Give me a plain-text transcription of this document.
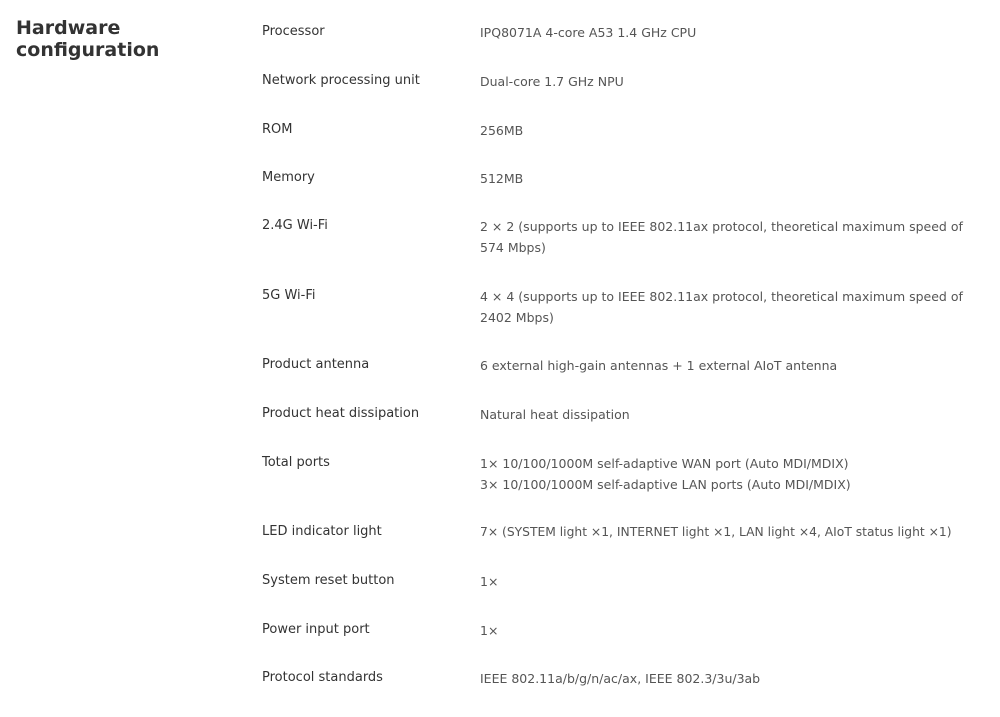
Hardware
configuration
Processor	IPQ8071A 4-core A53 1.4 GHz CPU
Network processing unit	Dual-core 1.7 GHz NPU
ROM	256MB
Memory	512MB
2.4G Wi-Fi	2 × 2 (supports up to IEEE 802.11ax protocol, theoretical maximum speed of
574 Mbps)
5G Wi-Fi	4 × 4 (supports up to IEEE 802.11ax protocol, theoretical maximum speed of
2402 Mbps)
Product antenna	6 external high-gain antennas + 1 external AIoT antenna
Product heat dissipation	Natural heat dissipation
Total ports	1× 10/100/1000M self-adaptive WAN port (Auto MDI/MDIX)
3× 10/100/1000M self-adaptive LAN ports (Auto MDI/MDIX)
LED indicator light	7× (SYSTEM light ×1, INTERNET light ×1, LAN light ×4, AIoT status light ×1)
System reset button	1×
Power input port	1×
Protocol standards	IEEE 802.11a/b/g/n/ac/ax, IEEE 802.3/3u/3ab
